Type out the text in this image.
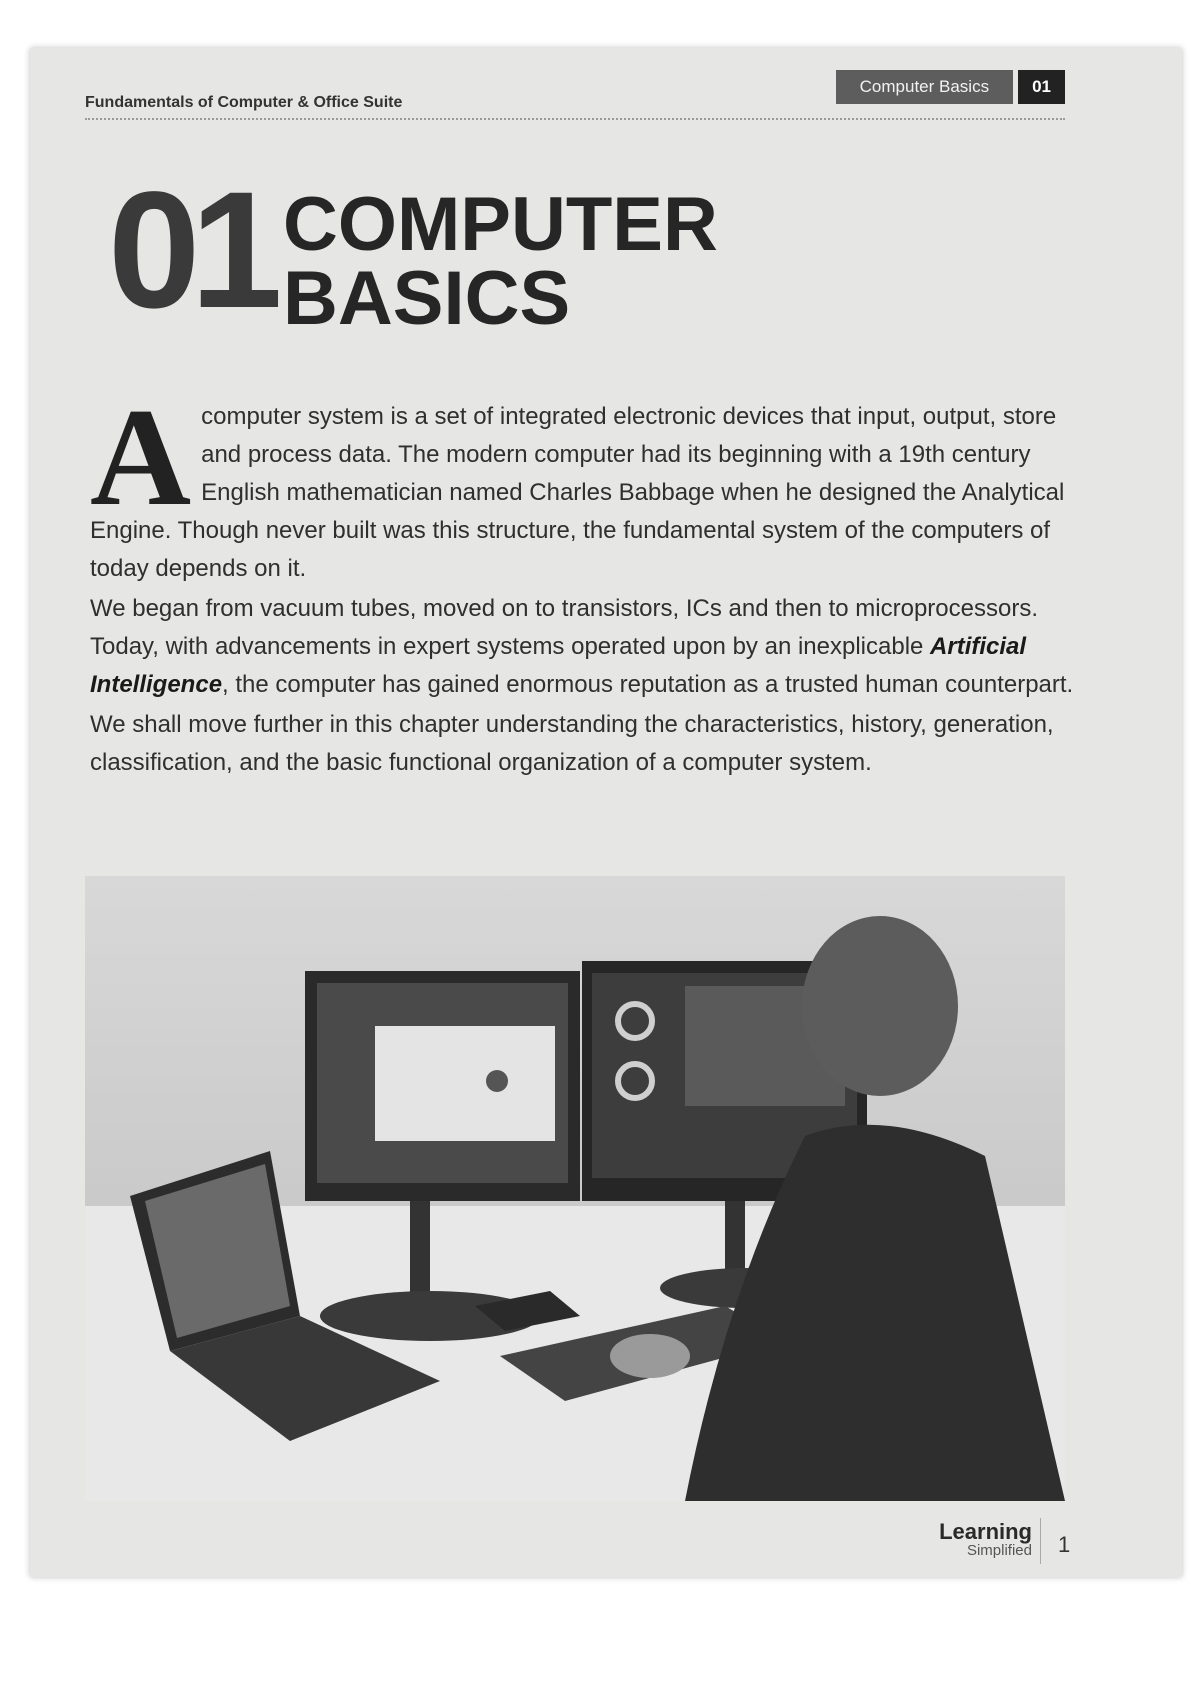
Fundamentals of Computer & Office Suite
Computer Basics	01
01 COMPUTER
BASICS

A computer system is a set of integrated electronic devices that input, output, store and process data. The modern computer had its beginning with a 19th century English mathematician named Charles Babbage when he designed the Analytical Engine. Though never built was this structure, the fundamental system of the computers of today depends on it.

We began from vacuum tubes, moved on to transistors, ICs and then to microprocessors. Today, with advancements in expert systems operated upon by an inexplicable Artificial Intelligence, the computer has gained enormous reputation as a trusted human counterpart.

We shall move further in this chapter understanding the characteristics, history, generation, classification, and the basic functional organization of a computer system.

Learning
Simplified 1
